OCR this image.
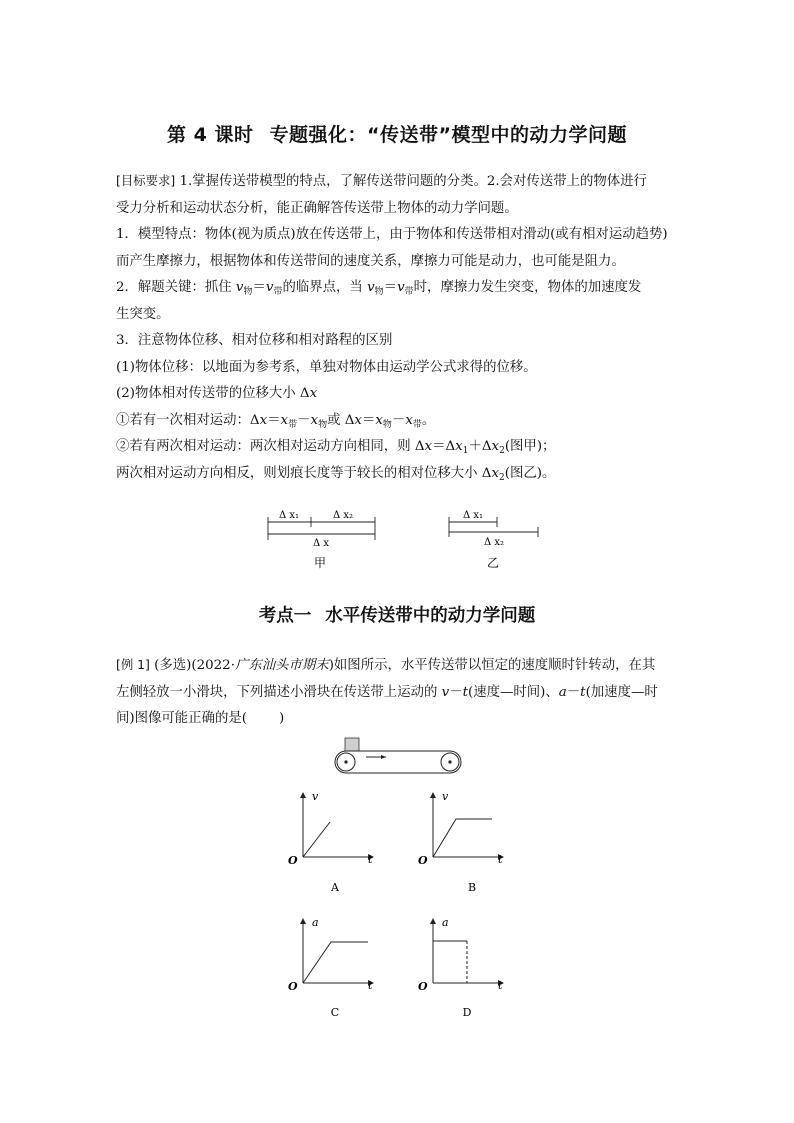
第 4 课时 专题强化：“传送带”模型中的动力学问题

[目标要求] 1.掌握传送带模型的特点，了解传送带问题的分类。2.会对传送带上的物体进行

受力分析和运动状态分析，能正确解答传送带上物体的动力学问题。

1．模型特点：物体(视为质点)放在传送带上，由于物体和传送带相对滑动(或有相对运动趋势)

而产生摩擦力，根据物体和传送带间的速度关系，摩擦力可能是动力，也可能是阻力。

2．解题关键：抓住 $v_物=v_带$的临界点，当 $v_物=v_带$时，摩擦力发生突变，物体的加速度发

生突变。

3．注意物体位移、相对位移和相对路程的区别

(1)物体位移：以地面为参考系，单独对物体由运动学公式求得的位移。

(2)物体相对传送带的位移大小 Δx

①若有一次相对运动：$\Delta x=x_带-x_物$或 $\Delta x=x_物-x_带$。

②若有两次相对运动：两次相对运动方向相同，则 $\Delta x=\Delta x_1+\Delta x_2$(图甲)；

两次相对运动方向相反，则划痕长度等于较长的相对位移大小 $\Delta x_2$(图乙)。

Δ x₁	Δ x₂
Δ x
甲
Δ x₁
Δ x₂
乙
考点一 水平传送带中的动力学问题

[例 1] (多选)(2022·广东汕头市期末)如图所示，水平传送带以恒定的速度顺时针转动，在其

左侧轻放一小滑块，下列描述小滑块在传送带上运动的 v－t(速度—时间)、a－t(加速度—时

间)图像可能正确的是( )

v
O	t
A
v
O	t
B
a
O	t
C
a
O	t
D
